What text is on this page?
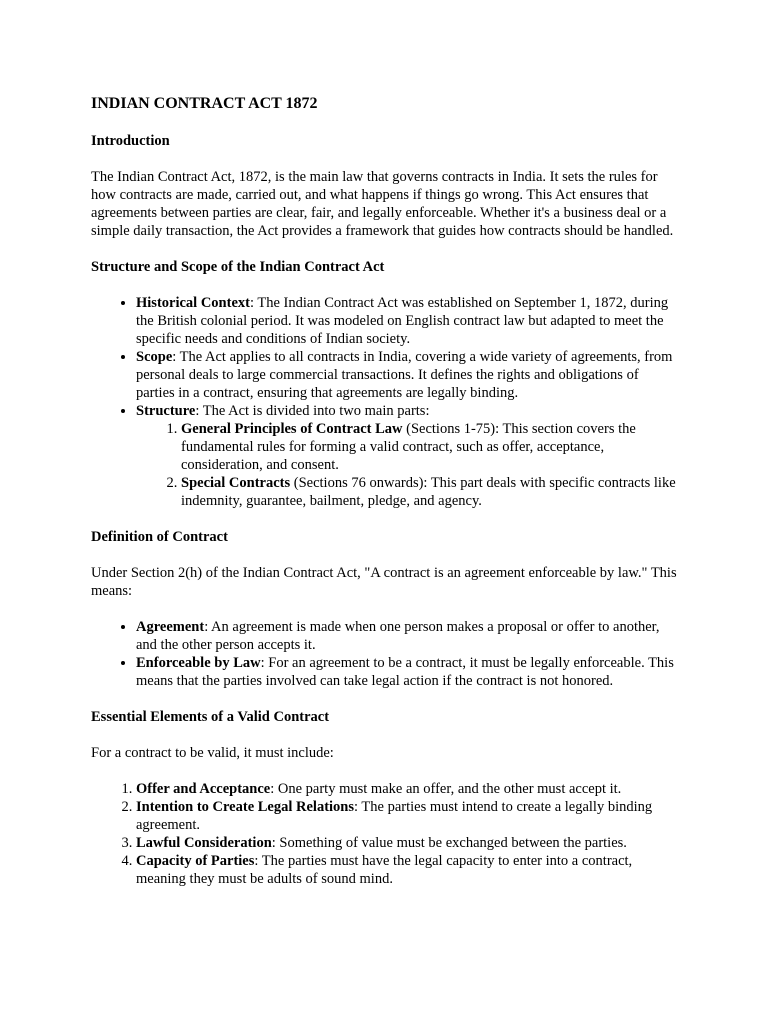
INDIAN CONTRACT ACT 1872
Introduction

The Indian Contract Act, 1872, is the main law that governs contracts in India. It sets the rules for how contracts are made, carried out, and what happens if things go wrong. This Act ensures that agreements between parties are clear, fair, and legally enforceable. Whether it's a business deal or a simple daily transaction, the Act provides a framework that guides how contracts should be handled.

Structure and Scope of the Indian Contract Act
• Historical Context: The Indian Contract Act was established on September 1, 1872, during the British colonial period. It was modeled on English contract law but adapted to meet the specific needs and conditions of Indian society.
• Scope: The Act applies to all contracts in India, covering a wide variety of agreements, from personal deals to large commercial transactions. It defines the rights and obligations of parties in a contract, ensuring that agreements are legally binding.
• Structure: The Act is divided into two main parts:
1. General Principles of Contract Law (Sections 1-75): This section covers the fundamental rules for forming a valid contract, such as offer, acceptance, consideration, and consent.
2. Special Contracts (Sections 76 onwards): This part deals with specific contracts like indemnity, guarantee, bailment, pledge, and agency.
Definition of Contract

Under Section 2(h) of the Indian Contract Act, "A contract is an agreement enforceable by law." This means:

• Agreement: An agreement is made when one person makes a proposal or offer to another, and the other person accepts it.
• Enforceable by Law: For an agreement to be a contract, it must be legally enforceable. This means that the parties involved can take legal action if the contract is not honored.
Essential Elements of a Valid Contract

For a contract to be valid, it must include:

1. Offer and Acceptance: One party must make an offer, and the other must accept it.
2. Intention to Create Legal Relations: The parties must intend to create a legally binding agreement.
3. Lawful Consideration: Something of value must be exchanged between the parties.
4. Capacity of Parties: The parties must have the legal capacity to enter into a contract, meaning they must be adults of sound mind.
